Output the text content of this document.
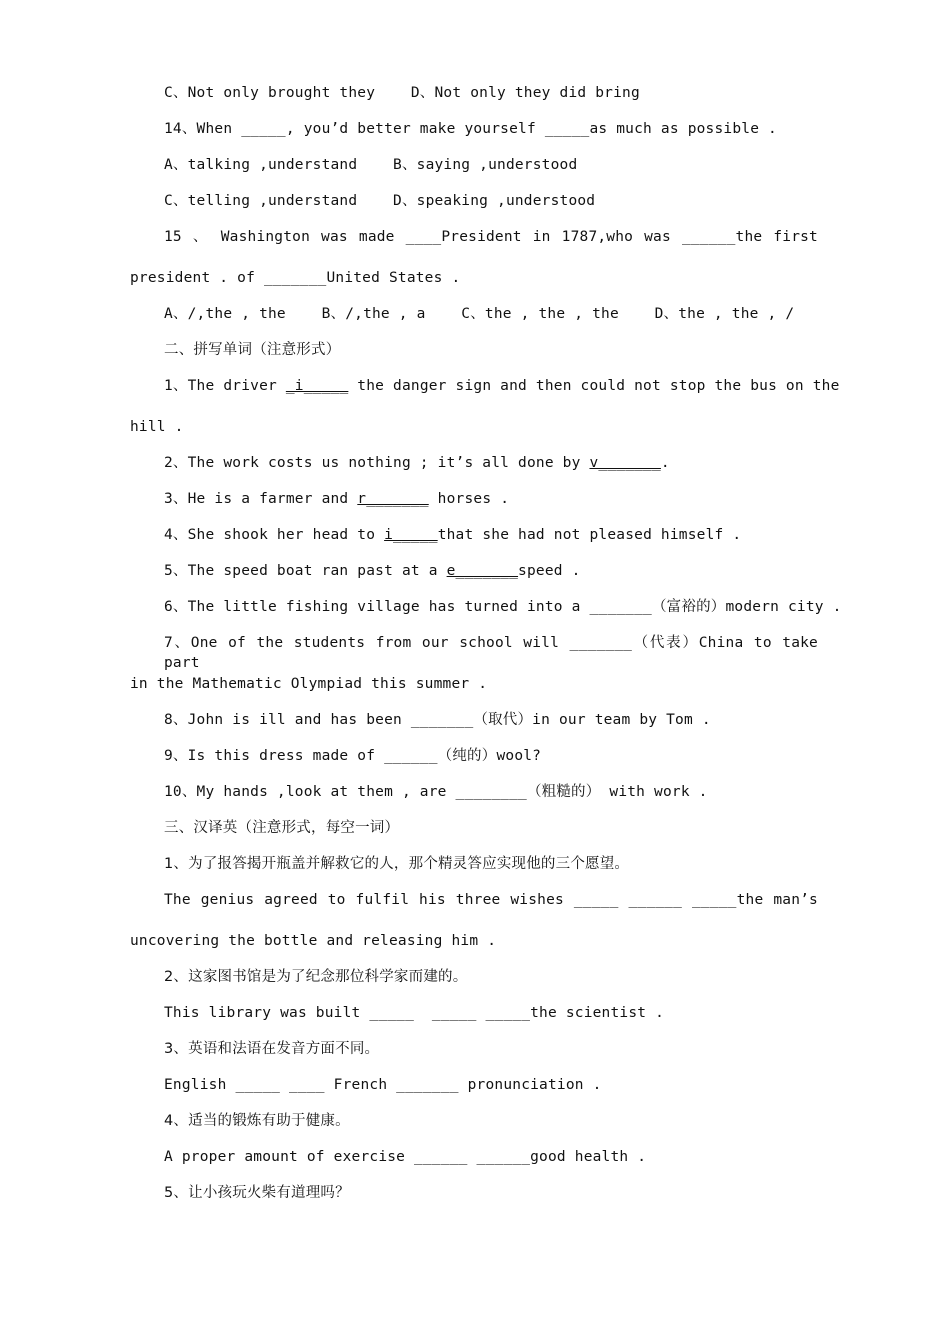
C、Not only brought they    D、Not only they did bring
14、When _____, you’d better make yourself _____as much as possible .
A、talking ,understand    B、saying ,understood
C、telling ,understand    D、speaking ,understood
15 、 Washington was made ____President in 1787,who was ______the first
president . of _______United States .
A、/,the , the    B、/,the , a    C、the , the , the    D、the , the , /
二、拼写单词（注意形式）
1、The driver _i_____ the danger sign and then could not stop the bus on the
hill .
2、The work costs us nothing ; it’s all done by v_______.
3、He is a farmer and r_______ horses .
4、She shook her head to i_____that she had not pleased himself .
5、The speed boat ran past at a e_______speed .
6、The little fishing village has turned into a _______（富裕的）modern city .
7、One of the students from our school will _______（代表）China to take part
in the Mathematic Olympiad this summer .
8、John is ill and has been _______（取代）in our team by Tom .
9、Is this dress made of ______（纯的）wool?
10、My hands ,look at them , are ________（粗糙的） with work .
三、汉译英（注意形式，每空一词）
1、为了报答揭开瓶盖并解救它的人，那个精灵答应实现他的三个愿望。
The genius agreed to fulfil his three wishes _____ ______ _____the man’s
uncovering the bottle and releasing him .
2、这家图书馆是为了纪念那位科学家而建的。
This library was built _____  _____ _____the scientist .
3、英语和法语在发音方面不同。
English _____ ____ French _______ pronunciation .
4、适当的锻炼有助于健康。
A proper amount of exercise ______ ______good health .
5、让小孩玩火柴有道理吗？
